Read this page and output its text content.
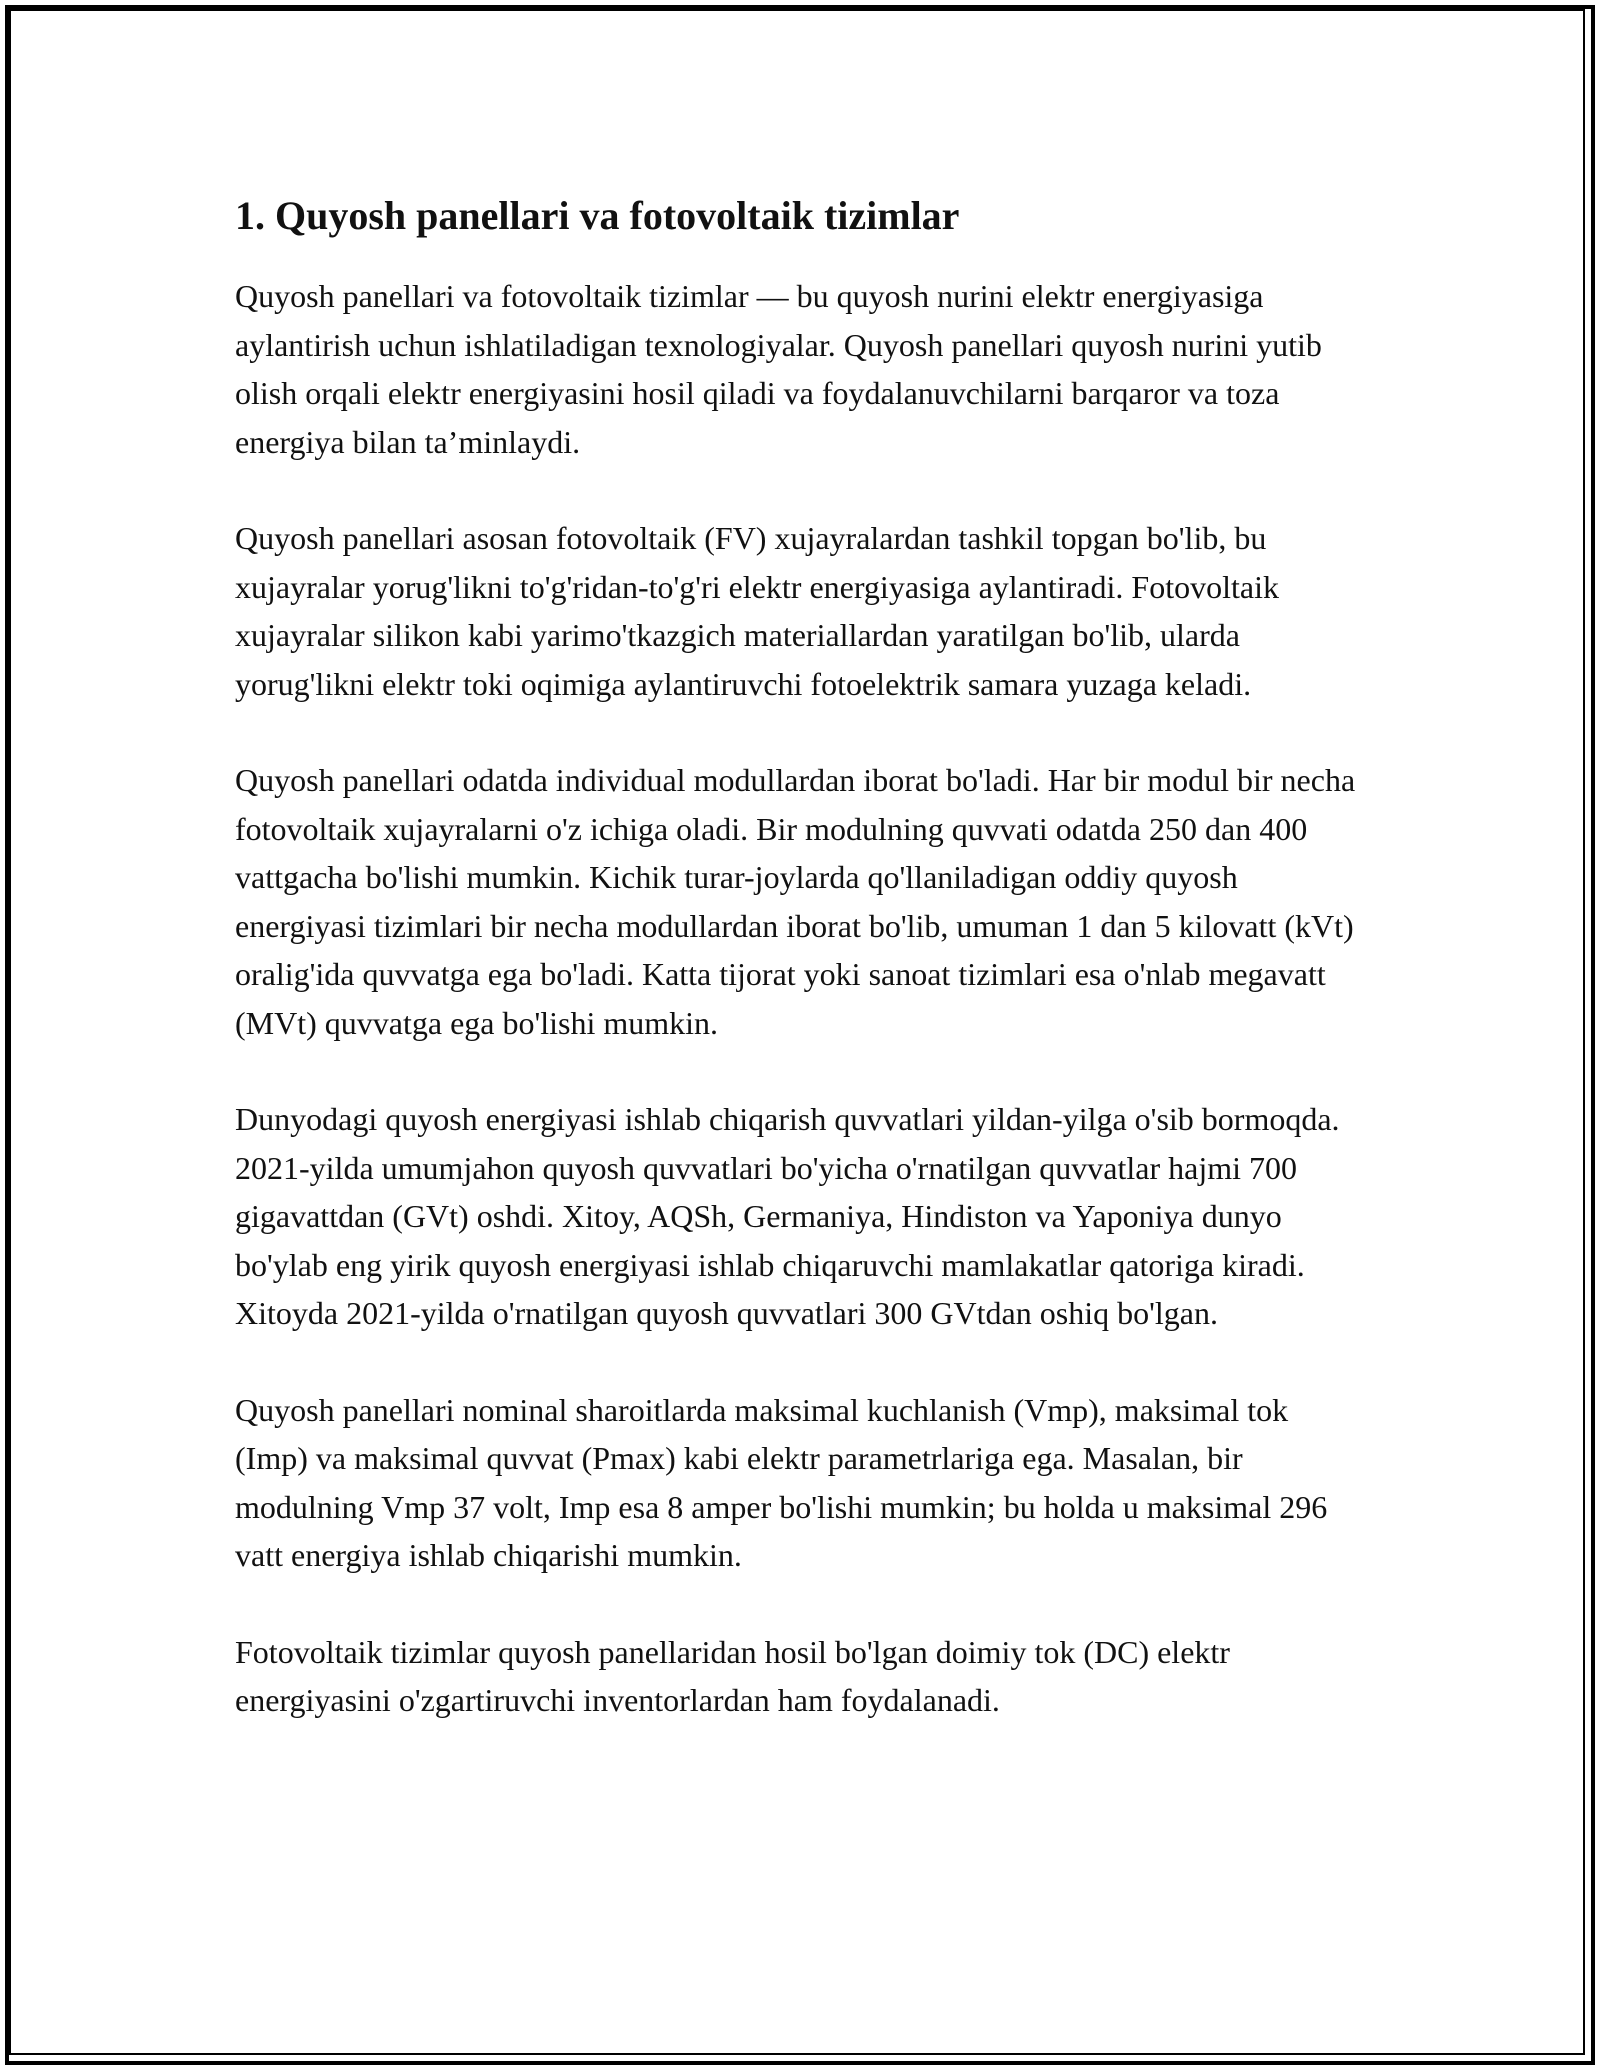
1. Quyosh panellari va fotovoltaik tizimlar

Quyosh panellari va fotovoltaik tizimlar — bu quyosh nurini elektr energiyasiga aylantirish uchun ishlatiladigan texnologiyalar. Quyosh panellari quyosh nurini yutib olish orqali elektr energiyasini hosil qiladi va foydalanuvchilarni barqaror va toza energiya bilan ta’minlaydi.

Quyosh panellari asosan fotovoltaik (FV) xujayralardan tashkil topgan bo'lib, bu xujayralar yorug'likni to'g'ridan-to'g'ri elektr energiyasiga aylantiradi. Fotovoltaik xujayralar silikon kabi yarimo'tkazgich materiallardan yaratilgan bo'lib, ularda yorug'likni elektr toki oqimiga aylantiruvchi fotoelektrik samara yuzaga keladi.

Quyosh panellari odatda individual modullardan iborat bo'ladi. Har bir modul bir necha fotovoltaik xujayralarni o'z ichiga oladi. Bir modulning quvvati odatda 250 dan 400 vattgacha bo'lishi mumkin. Kichik turar-joylarda qo'llaniladigan oddiy quyosh energiyasi tizimlari bir necha modullardan iborat bo'lib, umuman 1 dan 5 kilovatt (kVt) oralig'ida quvvatga ega bo'ladi. Katta tijorat yoki sanoat tizimlari esa o'nlab megavatt (MVt) quvvatga ega bo'lishi mumkin.

Dunyodagi quyosh energiyasi ishlab chiqarish quvvatlari yildan-yilga o'sib bormoqda. 2021-yilda umumjahon quyosh quvvatlari bo'yicha o'rnatilgan quvvatlar hajmi 700 gigavattdan (GVt) oshdi. Xitoy, AQSh, Germaniya, Hindiston va Yaponiya dunyo bo'ylab eng yirik quyosh energiyasi ishlab chiqaruvchi mamlakatlar qatoriga kiradi. Xitoyda 2021-yilda o'rnatilgan quyosh quvvatlari 300 GVtdan oshiq bo'lgan.

Quyosh panellari nominal sharoitlarda maksimal kuchlanish (Vmp), maksimal tok (Imp) va maksimal quvvat (Pmax) kabi elektr parametrlariga ega. Masalan, bir modulning Vmp 37 volt, Imp esa 8 amper bo'lishi mumkin; bu holda u maksimal 296 vatt energiya ishlab chiqarishi mumkin.

Fotovoltaik tizimlar quyosh panellaridan hosil bo'lgan doimiy tok (DC) elektr energiyasini o'zgartiruvchi inventorlardan ham foydalanadi.
